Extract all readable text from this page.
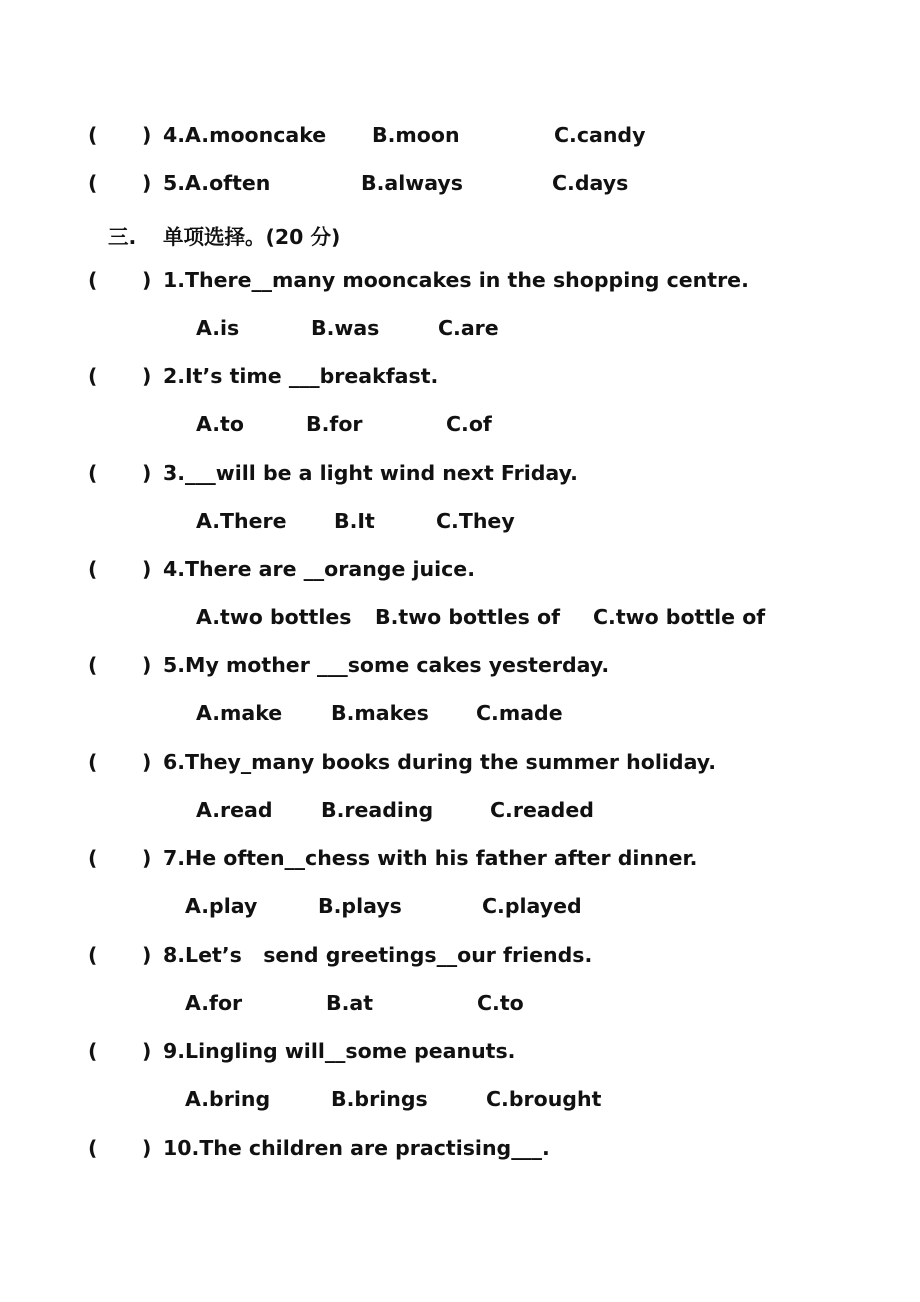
( ) 4.A.mooncake B.moon	C.candy
( ) 5.A.often	B.always	C.days
三. 单项选择。(20 分)
( ) 1.There__many mooncakes in the shopping centre.
A.is	B.was	C.are
( ) 2.It’s time ___breakfast.
A.to	B.for	C.of
( ) 3.___will be a light wind next Friday.
A.There B.It	C.They
( ) 4.There are __orange juice.
A.two bottles B.two bottles of C.two bottle of
( ) 5.My mother ___some cakes yesterday.
A.make B.makes C.made
( ) 6.They_many books during the summer holiday.
A.read B.reading	C.readed
( ) 7.He often__chess with his father after dinner.
A.play	B.plays	C.played
( ) 8.Let’s   send greetings__our friends.
A.for	B.at	C.to
( ) 9.Lingling will__some peanuts.
A.bring	B.brings	C.brought
( ) 10.The children are practising___.
